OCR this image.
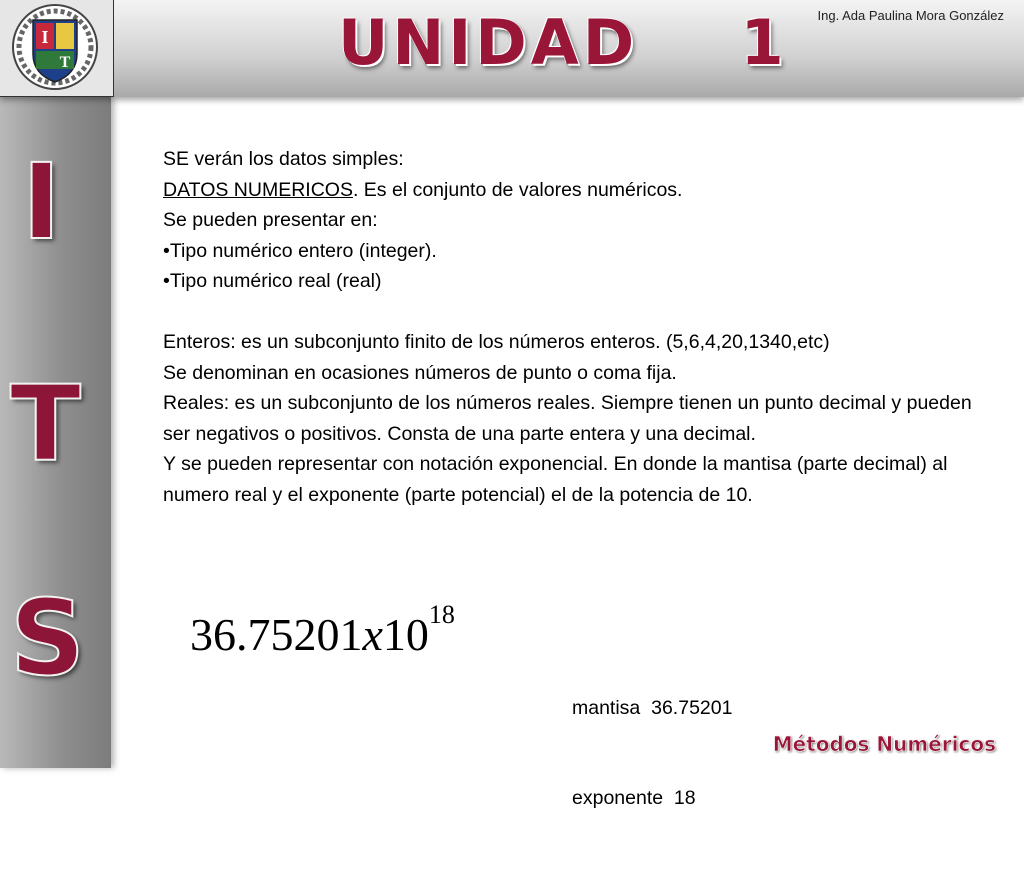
I
T	UNIDAD    1 Ing. Ada Paulina Mora González
I
T
S

SE verán los datos simples:

DATOS NUMERICOS. Es el conjunto de valores numéricos.

Se pueden presentar en:

•Tipo numérico entero (integer).

•Tipo numérico real (real)

Enteros: es un subconjunto finito de los números enteros. (5,6,4,20,1340,etc)

Se denominan en ocasiones números de punto o coma fija.

Reales: es un subconjunto de los números reales. Siempre tienen un punto decimal y pueden ser negativos o positivos. Consta de una parte entera y una decimal.

Y se pueden representar con notación exponencial. En donde la mantisa (parte decimal) al numero real y el exponente (parte potencial) el de la potencia de 10.

$36.75201x10^{18}$

mantisa  36.75201

exponente  18

Métodos Numéricos
